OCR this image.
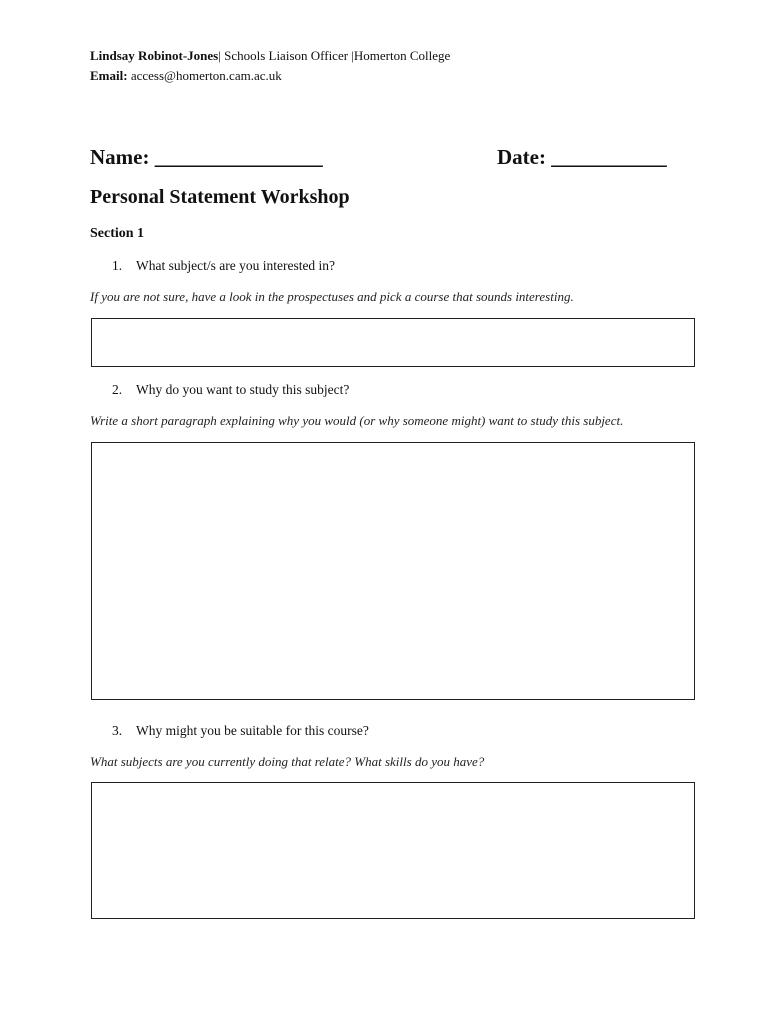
Lindsay Robinot-Jones| Schools Liaison Officer |Homerton College
Email: access@homerton.cam.ac.uk
Name: ________________	Date: ___________
Personal Statement Workshop
Section 1
1. What subject/s are you interested in?
If you are not sure, have a look in the prospectuses and pick a course that sounds interesting.
2. Why do you want to study this subject?
Write a short paragraph explaining why you would (or why someone might) want to study this subject.
3. Why might you be suitable for this course?
What subjects are you currently doing that relate? What skills do you have?
